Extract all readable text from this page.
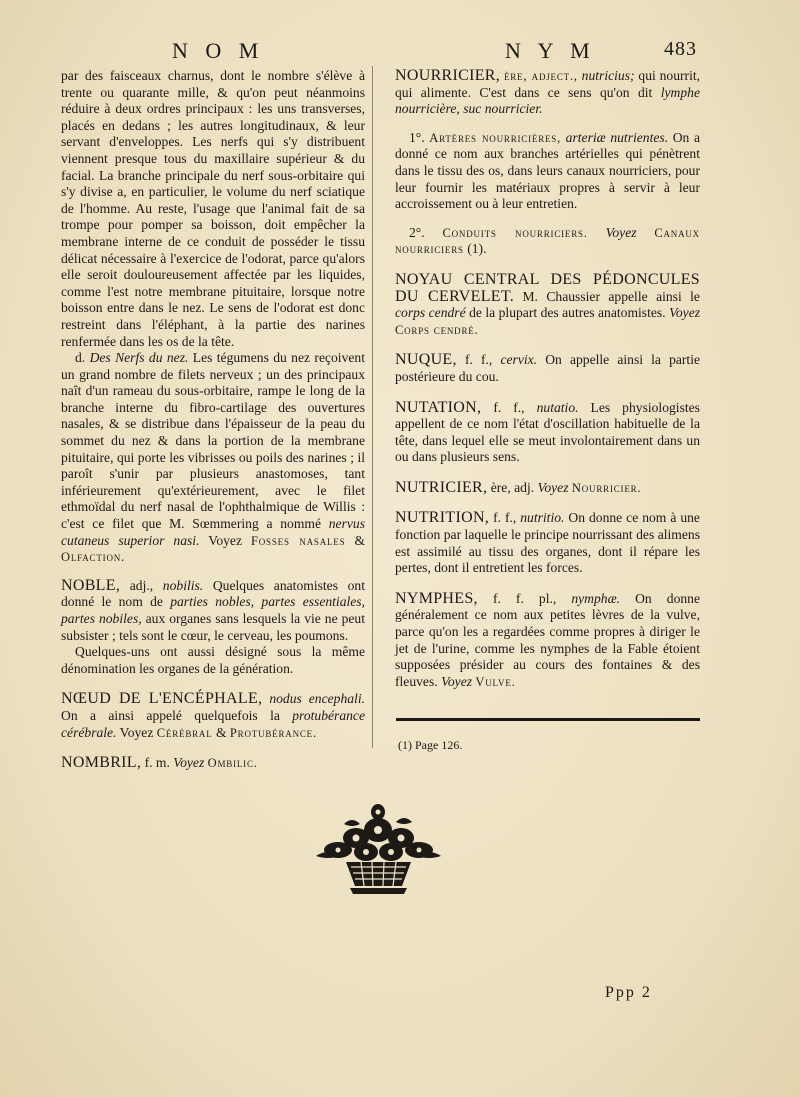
N O M	N Y M	483

par des faisceaux charnus, dont le nombre s'élève à trente ou quarante mille, & qu'on peut néanmoins réduire à deux ordres principaux : les uns transverses, placés en dedans ; les autres longitudinaux, & leur servant d'enveloppes. Les nerfs qui s'y distribuent viennent presque tous du maxillaire supérieur & du facial. La branche principale du nerf sous-orbitaire qui s'y divise a, en particulier, le volume du nerf sciatique de l'homme. Au reste, l'usage que l'animal fait de sa trompe pour pomper sa boisson, doit empêcher la membrane interne de ce conduit de posséder le tissu délicat nécessaire à l'exercice de l'odorat, parce qu'alors elle seroit douloureusement affectée par les liquides, comme l'est notre membrane pituitaire, lorsque notre boisson entre dans le nez. Le sens de l'odorat est donc restreint dans l'éléphant, à la partie des narines renfermée dans les os de la tête.

d. Des Nerfs du nez. Les tégumens du nez reçoivent un grand nombre de filets nerveux ; un des principaux naît d'un rameau du sous-orbitaire, rampe le long de la branche interne du fibro-cartilage des ouvertures nasales, & se distribue dans l'épaisseur de la peau du sommet du nez & dans la portion de la membrane pituitaire, qui porte les vibrisses ou poils des narines ; il paroît s'unir par plusieurs anastomoses, tant inférieurement qu'extérieurement, avec le filet ethmoïdal du nerf nasal de l'ophthalmique de Willis : c'est ce filet que M. Sœmmering a nommé nervus cutaneus superior nasi. Voyez Fosses nasales & Olfaction.

NOBLE, adj., nobilis. Quelques anatomistes ont donné le nom de parties nobles, partes essentiales, partes nobiles, aux organes sans lesquels la vie ne peut subsister ; tels sont le cœur, le cerveau, les poumons.

Quelques-uns ont aussi désigné sous la même dénomination les organes de la génération.

NŒUD DE L'ENCÉPHALE, nodus encephali. On a ainsi appelé quelquefois la protubérance cérébrale. Voyez Cérébral & Protubérance.

NOMBRIL, f. m. Voyez Ombilic.

NOURRICIER, ère, adject., nutricius; qui nourrit, qui alimente. C'est dans ce sens qu'on dit lymphe nourricière, suc nourricier.

1°. Artères nourricières, arteriæ nutrientes. On a donné ce nom aux branches artérielles qui pénètrent dans le tissu des os, dans leurs canaux nourriciers, pour leur fournir les matériaux propres à servir à leur accroissement ou à leur entretien.

2°. Conduits nourriciers. Voyez Canaux nourriciers (1).

NOYAU CENTRAL DES PÉDONCULES DU CERVELET. M. Chaussier appelle ainsi le corps cendré de la plupart des autres anatomistes. Voyez Corps cendré.

NUQUE, f. f., cervix. On appelle ainsi la partie postérieure du cou.

NUTATION, f. f., nutatio. Les physiologistes appellent de ce nom l'état d'oscillation habituelle de la tête, dans lequel elle se meut involontairement dans un ou dans plusieurs sens.

NUTRICIER, ère, adj. Voyez Nourricier.

NUTRITION, f. f., nutritio. On donne ce nom à une fonction par laquelle le principe nourrissant des alimens est assimilé au tissu des organes, dont il répare les pertes, dont il entretient les forces.

NYMPHES, f. f. pl., nymphæ. On donne généralement ce nom aux petites lèvres de la vulve, parce qu'on les a regardées comme propres à diriger le jet de l'urine, comme les nymphes de la Fable étoient supposées présider au cours des fontaines & des fleuves. Voyez Vulve.

(1) Page 126.
Ppp 2
